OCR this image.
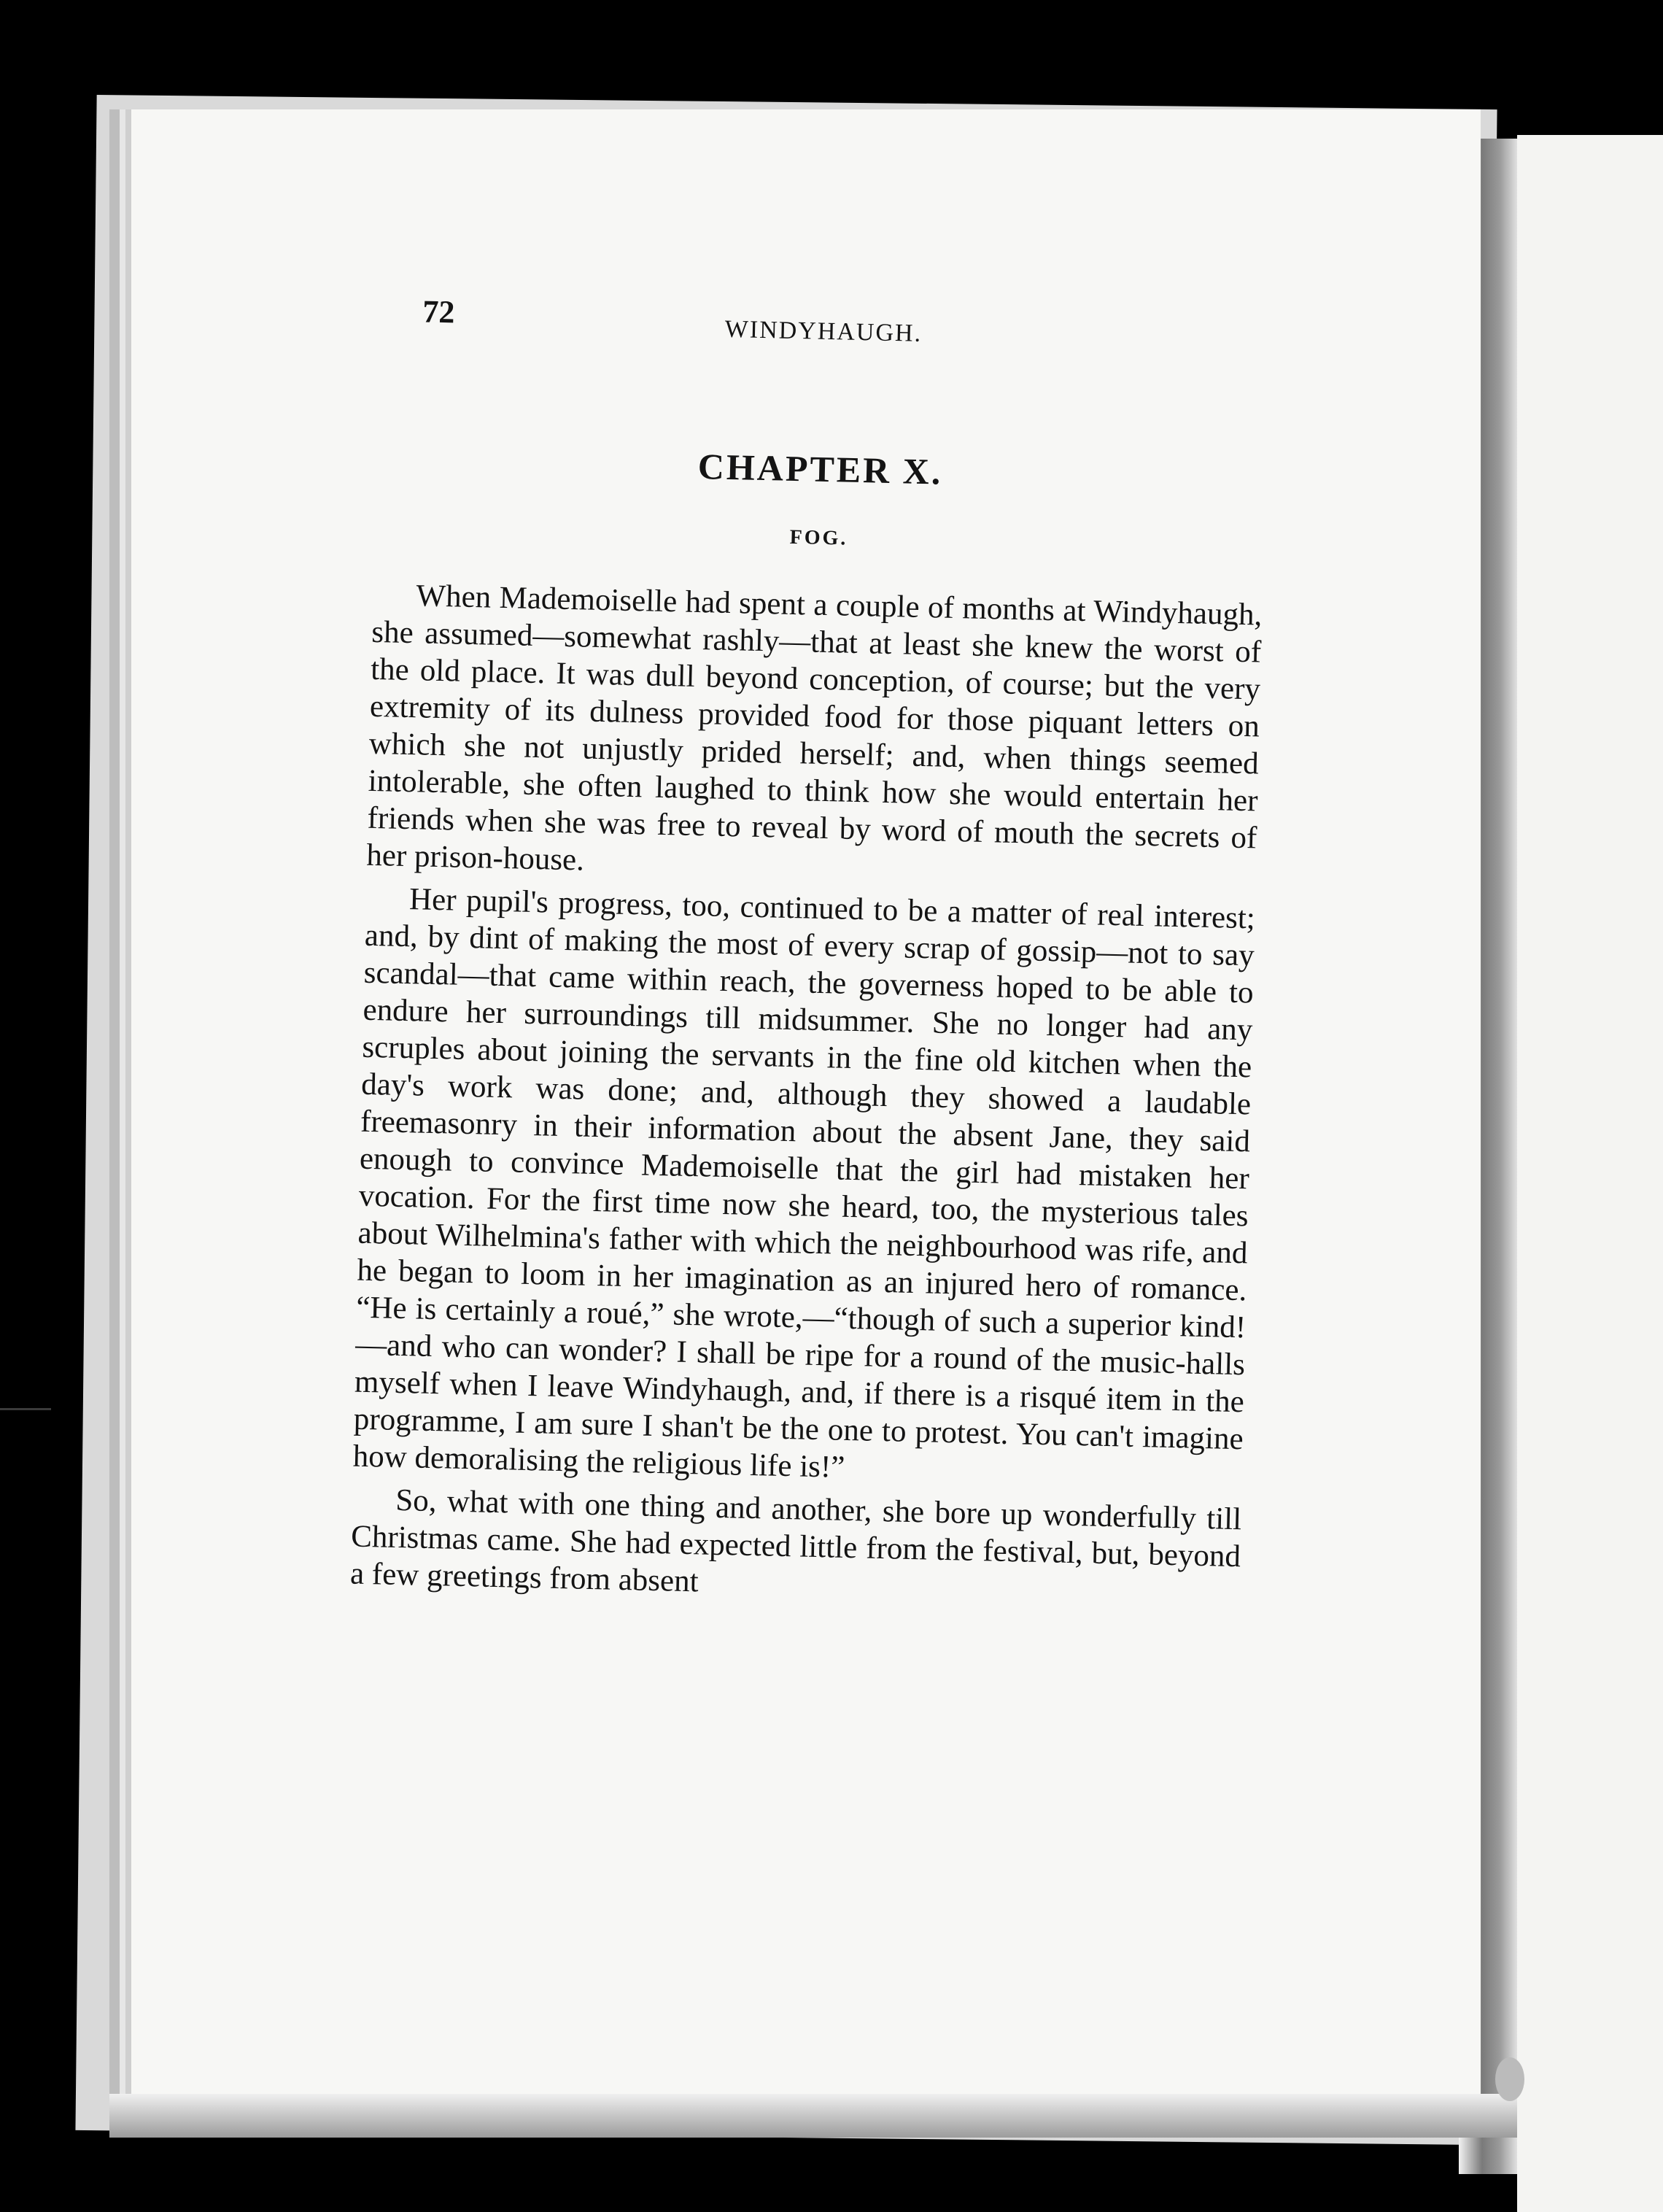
72
WINDYHAUGH.
CHAPTER X.
FOG.

When Mademoiselle had spent a couple of months at Windyhaugh, she assumed—somewhat rashly—that at least she knew the worst of the old place. It was dull beyond conception, of course; but the very extremity of its dulness provided food for those piquant letters on which she not unjustly prided herself; and, when things seemed intolerable, she often laughed to think how she would entertain her friends when she was free to reveal by word of mouth the secrets of her prison-house.

Her pupil's progress, too, continued to be a matter of real interest; and, by dint of making the most of every scrap of gossip—not to say scandal—that came within reach, the governess hoped to be able to endure her surroundings till midsummer. She no longer had any scruples about joining the servants in the fine old kitchen when the day's work was done; and, although they showed a laudable freemasonry in their information about the absent Jane, they said enough to convince Mademoiselle that the girl had mistaken her vocation. For the first time now she heard, too, the mysterious tales about Wilhelmina's father with which the neighbourhood was rife, and he began to loom in her imagination as an injured hero of romance. “He is certainly a roué,” she wrote,—“though of such a superior kind!—and who can wonder? I shall be ripe for a round of the music-halls myself when I leave Windyhaugh, and, if there is a risqué item in the programme, I am sure I shan't be the one to protest. You can't imagine how demoralising the religious life is!”

So, what with one thing and another, she bore up wonderfully till Christmas came. She had expected little from the festival, but, beyond a few greetings from absent
